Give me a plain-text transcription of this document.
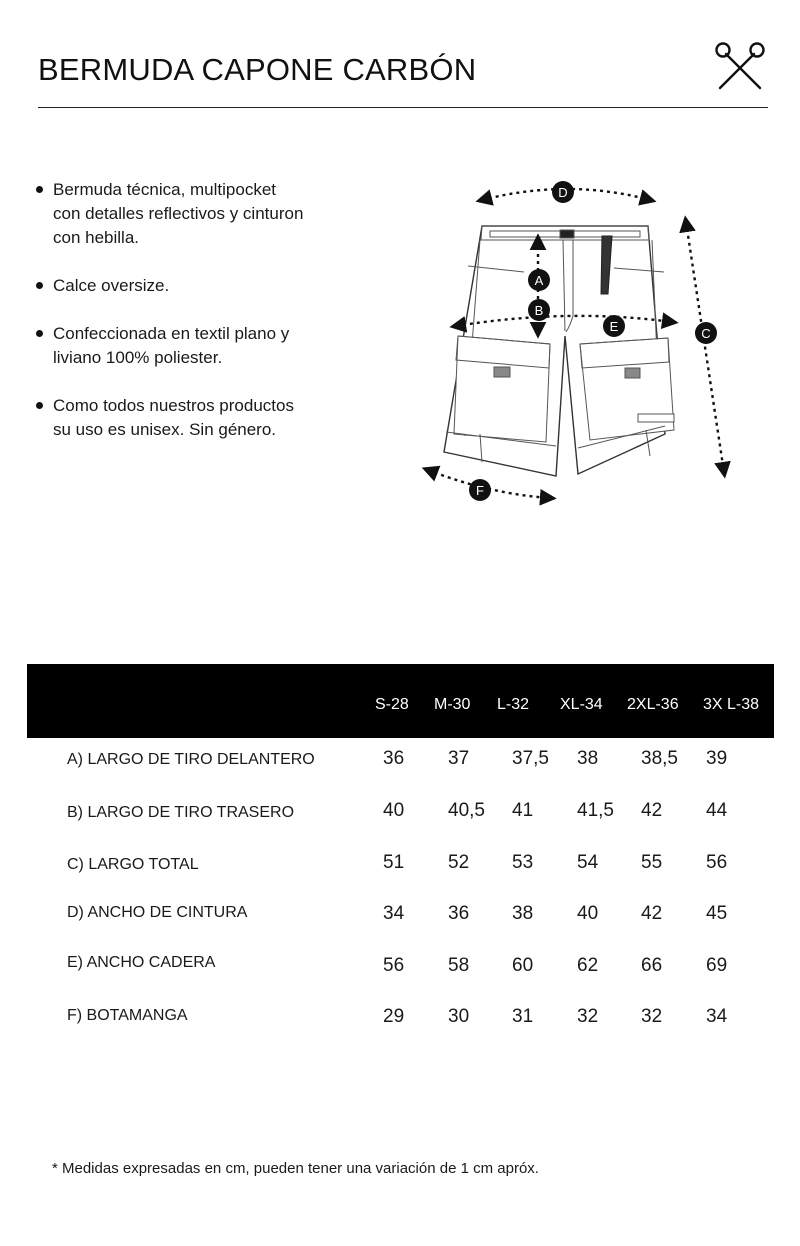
BERMUDA CAPONE CARBÓN
Bermuda técnica, multipocket con detalles reflectivos y cinturon con hebilla.
Calce oversize.
Confeccionada en textil plano y liviano 100% poliester.
Como todos nuestros productos su uso es unisex. Sin género.
D
A
B
E	C
F
S-28 M-30 L-32 XL-34 2XL-36 3X L-38
A) LARGO DE TIRO DELANTERO	36 37 37,5 38 38,5 39
B) LARGO DE TIRO TRASERO	40 40,5 41 41,5 42 44
C) LARGO TOTAL	51 52 53 54 55 56
D) ANCHO DE CINTURA	34 36 38 40 42 45
E) ANCHO CADERA	56 58 60 62 66 69
F) BOTAMANGA	29 30 31 32 32 34
* Medidas expresadas en cm, pueden tener una variación de 1 cm apróx.
